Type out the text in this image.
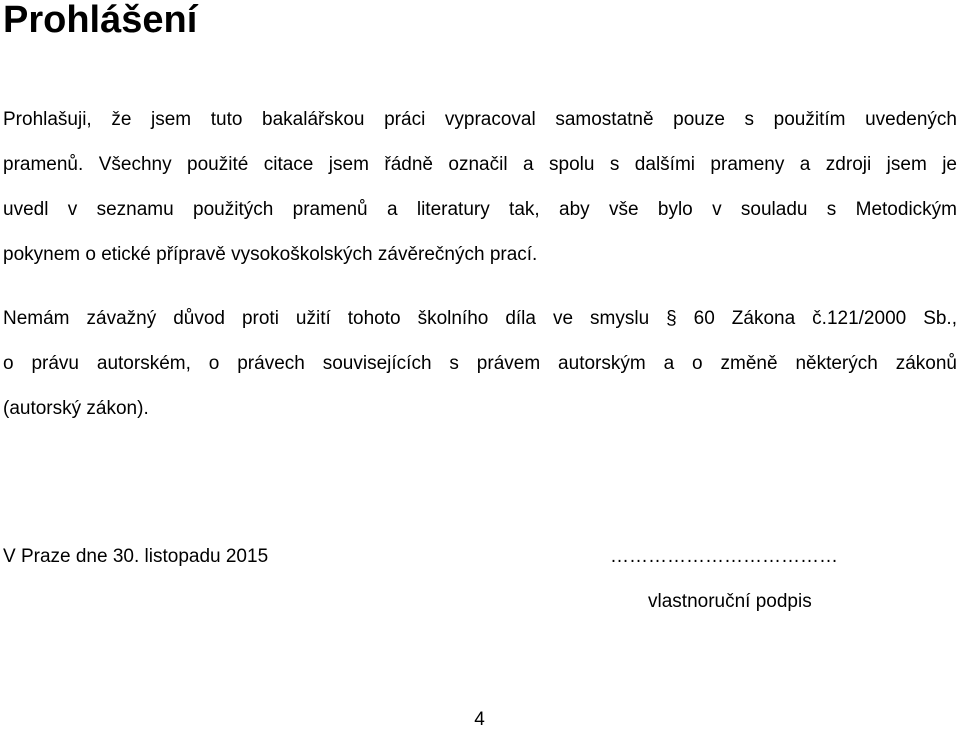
Prohlášení
Prohlašuji, že jsem tuto bakalářskou práci vypracoval samostatně pouze s použitím uvedených
pramenů. Všechny použité citace jsem řádně označil a spolu s dalšími prameny a zdroji jsem je
uvedl v seznamu použitých pramenů a literatury tak, aby vše bylo v souladu s Metodickým
pokynem o etické přípravě vysokoškolských závěrečných prací.
Nemám závažný důvod proti užití tohoto školního díla ve smyslu § 60 Zákona č.121/2000 Sb.,
o právu autorském, o právech souvisejících s právem autorským a o změně některých zákonů
(autorský zákon).
V Praze dne 30. listopadu 2015	………………………………
vlastnoruční podpis
4
